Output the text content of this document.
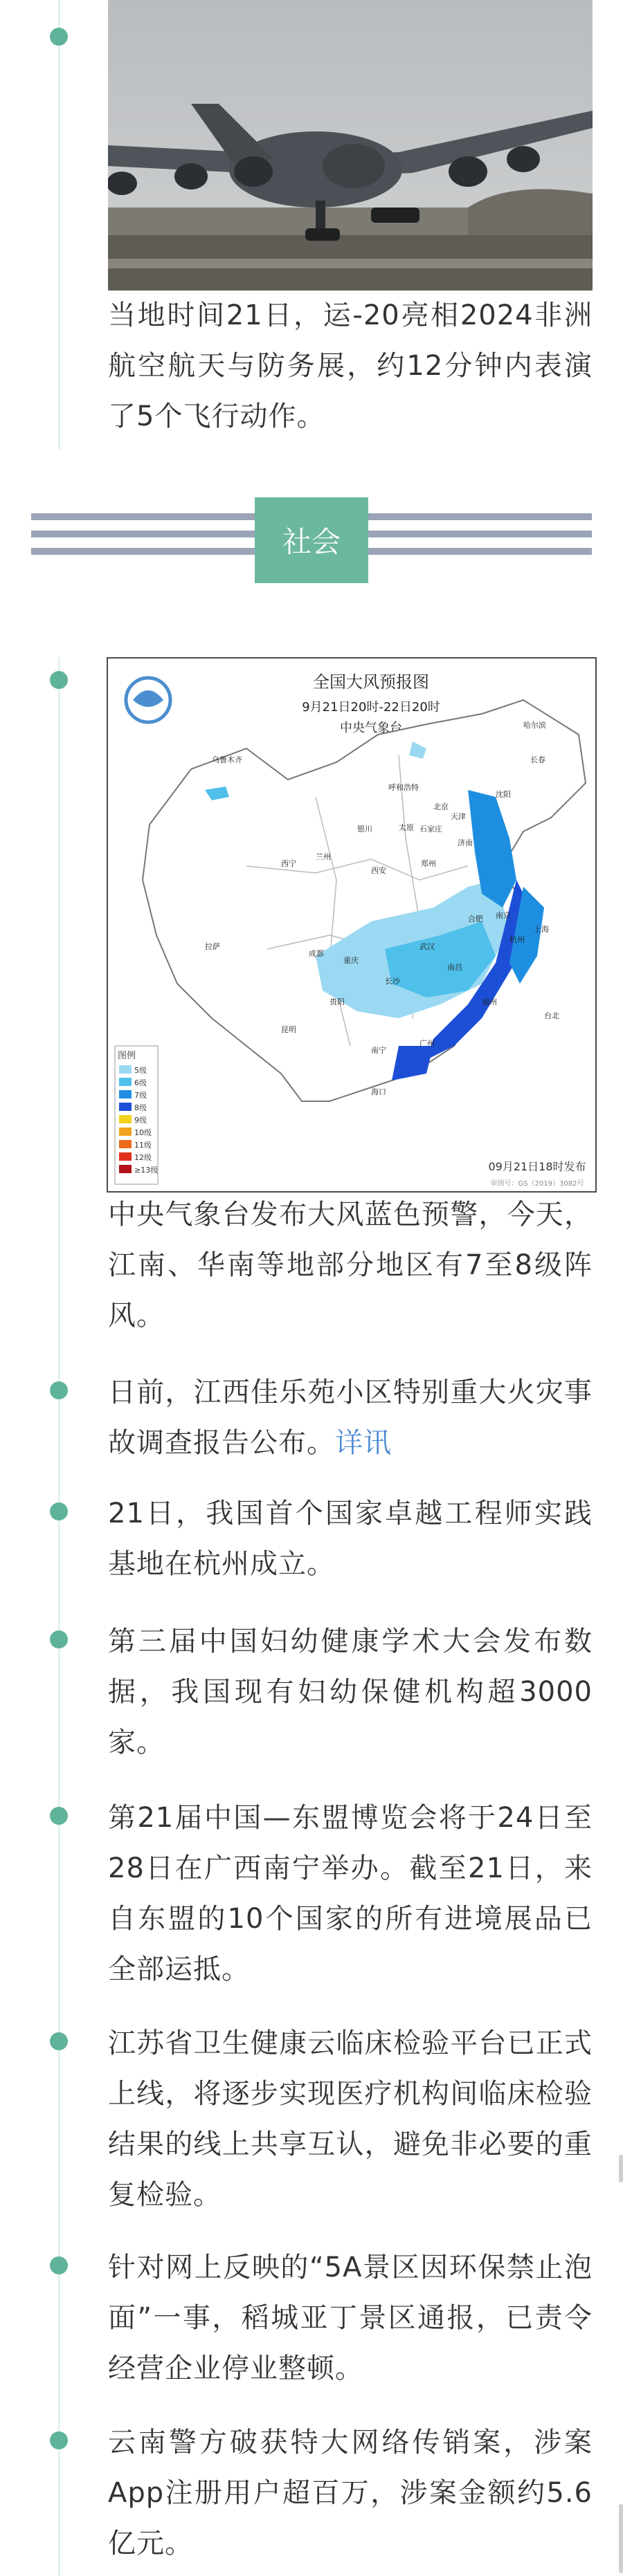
当地时间21日，运-20亮相2024非洲航空航天与防务展，约12分钟内表演了5个飞行动作。

社会
全国大风预报图
9月21日20时-22日20时
中央气象台
图例
5级
6级
7级
8级
9级
10级
11级
12级
≥13级	09月21日18时发布
审图号：GS（2019）3082号
北京
天津
石家庄
太原
济南
郑州
西安
兰州
银川
西宁
拉萨
成都
重庆
贵阳
昆明
南宁
广州
长沙
武汉
南昌
福州
杭州
上海
南京
合肥
乌鲁木齐
呼和浩特
哈尔滨
长春
沈阳
台北
海口

中央气象台发布大风蓝色预警，今天，江南、华南等地部分地区有7至8级阵风。

日前，江西佳乐苑小区特别重大火灾事故调查报告公布。详讯

21日，我国首个国家卓越工程师实践基地在杭州成立。

第三届中国妇幼健康学术大会发布数据，我国现有妇幼保健机构超3000家。

第21届中国—东盟博览会将于24日至28日在广西南宁举办。截至21日，来自东盟的10个国家的所有进境展品已全部运抵。

江苏省卫生健康云临床检验平台已正式上线，将逐步实现医疗机构间临床检验结果的线上共享互认，避免非必要的重复检验。

针对网上反映的“5A景区因环保禁止泡面”一事，稻城亚丁景区通报，已责令经营企业停业整顿。

云南警方破获特大网络传销案，涉案App注册用户超百万，涉案金额约5.6亿元。
